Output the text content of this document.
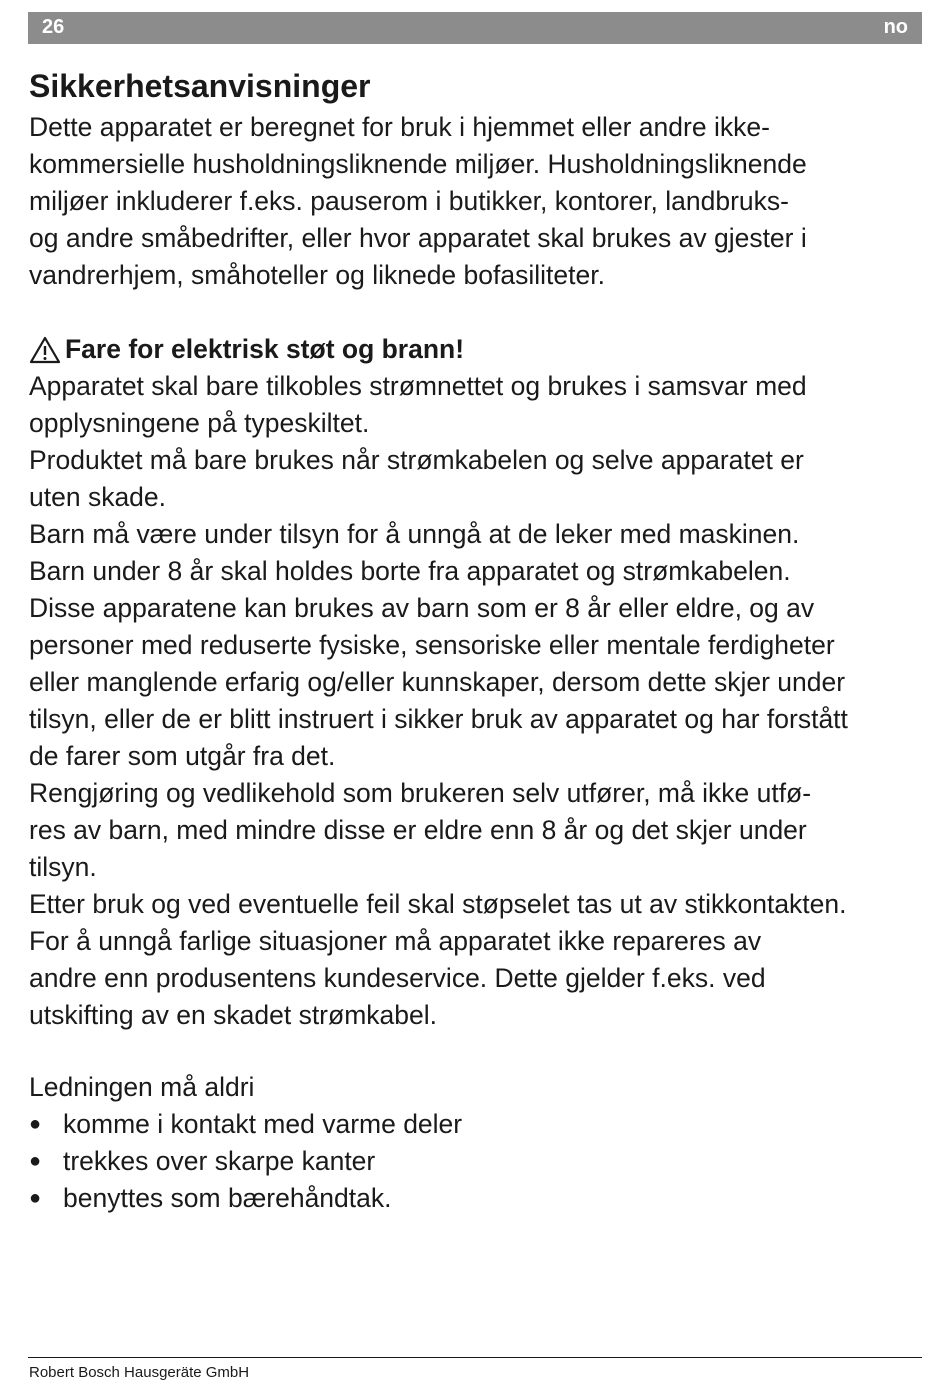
26	no
Sikkerhetsanvisninger
Dette apparatet er beregnet for bruk i hjemmet eller andre ikke-
kommersielle husholdningsliknende miljøer. Husholdningsliknende
miljøer inkluderer f.eks. pauserom i butikker, kontorer, landbruks-
og andre småbedrifter, eller hvor apparatet skal brukes av gjester i
vandrerhjem, småhoteller og liknede bofasiliteter.
Fare for elektrisk støt og brann!
Apparatet skal bare tilkobles strømnettet og brukes i samsvar med
opplysningene på typeskiltet.
Produktet må bare brukes når strømkabelen og selve apparatet er
uten skade.
Barn må være under tilsyn for å unngå at de leker med maskinen.
Barn under 8 år skal holdes borte fra apparatet og strømkabelen.
Disse apparatene kan brukes av barn som er 8 år eller eldre, og av
personer med reduserte fysiske, sensoriske eller mentale ferdigheter
eller manglende erfarig og/eller kunnskaper, dersom dette skjer under
tilsyn, eller de er blitt instruert i sikker bruk av apparatet og har forstått
de farer som utgår fra det.
Rengjøring og vedlikehold som brukeren selv utfører, må ikke utfø-
res av barn, med mindre disse er eldre enn 8 år og det skjer under
tilsyn.
Etter bruk og ved eventuelle feil skal støpselet tas ut av stikkontakten.
For å unngå farlige situasjoner må apparatet ikke repareres av
andre enn produsentens kundeservice. Dette gjelder f.eks. ved
utskifting av en skadet strømkabel.
Ledningen må aldri
● komme i kontakt med varme deler
● trekkes over skarpe kanter
● benyttes som bærehåndtak.
Robert Bosch Hausgeräte GmbH
